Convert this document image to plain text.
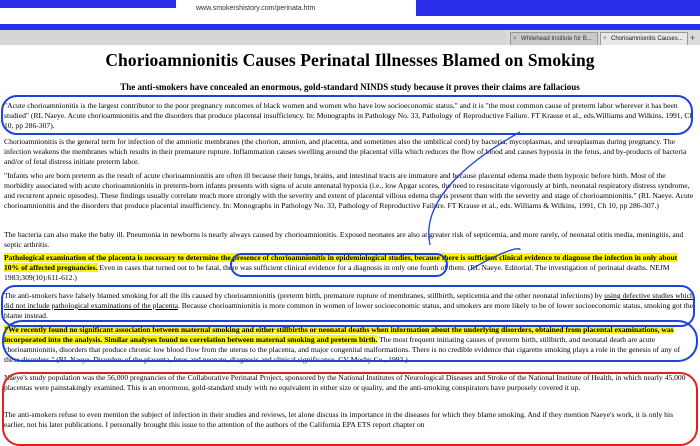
www.smokershistory.com/perinata.htm
× Whitehead Institute for B...	× Chorioamnionitis Causes... +
Chorioamnionitis Causes Perinatal Illnesses Blamed on Smoking
The anti-smokers have concealed an enormous, gold-standard NINDS study because it proves their claims are fallacious

"Acute chorioamnionitis is the largest contributor to the poor pregnancy outcomes of black women and women who have low socioeconomic status," and it is "the most common cause of preterm labor wherever it has been studied" (RL Naeye. Acute chorioamnionitis and the disorders that produce placental insufficiency. In: Monographs in Pathology No. 33, Pathology of Reproductive Failure. FT Krause et al., eds.Williams and Wilkins, 1991, Ch 10, pp 286-307).

Chorioamnionitis is the general term for infection of the amniotic membranes (the chorion, amnion, and placenta, and sometimes also the umbilical cord) by bacteria, mycoplasmas, and ureaplasmas during pregnancy. The infection weakens the membranes which results in their premature rupture. Inflammation causes swelling around the placental villa which reduces the flow of blood and causes hypoxia in the fetus, and by-products of bacteria and/or of fetal distress initiate preterm labor.

"Infants who are born preterm as the result of acute chorioamnionitis are often ill because their lungs, brains, and intestinal tracts are immature and because placental edema made them hypoxic before birth. Most of the morbidity associated with acute chorioamnionitis in preterm-born infants presents with signs of acute antenatal hypoxia (i.e., low Apgar scores, the need to resuscitate vigorously at birth, neonatal respiratory distress syndrome, and recurrent apneic episodes). These findings usually correlate much more strongly with the severity and extent of placental villous edema that is present than with the severity and stage of chorioamnionitis." (RL Naeye. Acute chorioamnionitis and the disorders that produce placental insufficiency. In: Monographs in Pathology No. 33, Pathology of Reproductive Failure. FT Krause et al., eds. Williams & Wilkins, 1991, Ch 10, pp 286-307.)

The bacteria can also make the baby ill. Pneumonia in newborns is nearly always caused by chorioamnionitis. Exposed neonates are also at greater risk of septicemia, and more rarely, of neonatal otitis media, meningitis, and septic arthritis.

Pathological examination of the placenta is necessary to determine the presence of chorioamnionitis in epidemiological studies, because there is sufficient clinical evidence to diagnose the infection in only about 10% of affected pregnancies. Even in cases that turned out to be fatal, there was sufficient clinical evidence for a diagnosis in only one fourth of them. (RL Naeye. Editorial. The investigation of perinatal deaths. NEJM 1983;309(10):611-612.)

The anti-smokers have falsely blamed smoking for all the ills caused by chorioamnionitis (preterm birth, premature rupture of membranes, stillbirth, septicemia and the other neonatal infections) by using defective studies which did not include pathological examinations of the placenta. Because chorioamnionitis is more common in women of lower socioeconomic status, and smokers are more likely to be of lower socioeconomic status, smoking got the blame instead.

"We recently found no significant association between maternal smoking and either stillbirths or neonatal deaths when information about the underlying disorders, obtained from placental examinations, was incorporated into the analysis. Similar analyses found no correlation between maternal smoking and preterm birth. The most frequent initiating causes of preterm birth, stillbirth, and neonatal death are acute chorioamnionitis, disorders that produce chronic low blood flow from the uterus to the placenta, and major congenital malformations. There is no credible evidence that cigarette smoking plays a role in the genesis of any of these disorders." (RL Naeye. Disorders of the placenta, fetus and neonate, diagnosis and clinical significance. CV Mosby Co., 1992.)

Naeye's study population was the 56,000 pregnancies of the Collaborative Perinatal Project, sponsored by the National Institutes of Neurological Diseases and Stroke of the National Institute of Health, in which nearly 45,000 placentas were painstakingly examined. This is an enormous, gold-standard study with no equivalent in either size or quality, and the anti-smoking conspirators have purposely covered it up.

The anti-smokers refuse to even mention the subject of infection in their studies and reviews, let alone discuss its importance in the diseases for which they blame smoking. And if they mention Naeye's work, it is only his earlier, not his later publications. I personally brought this issue to the attention of the authors of the California EPA ETS report chapter on
